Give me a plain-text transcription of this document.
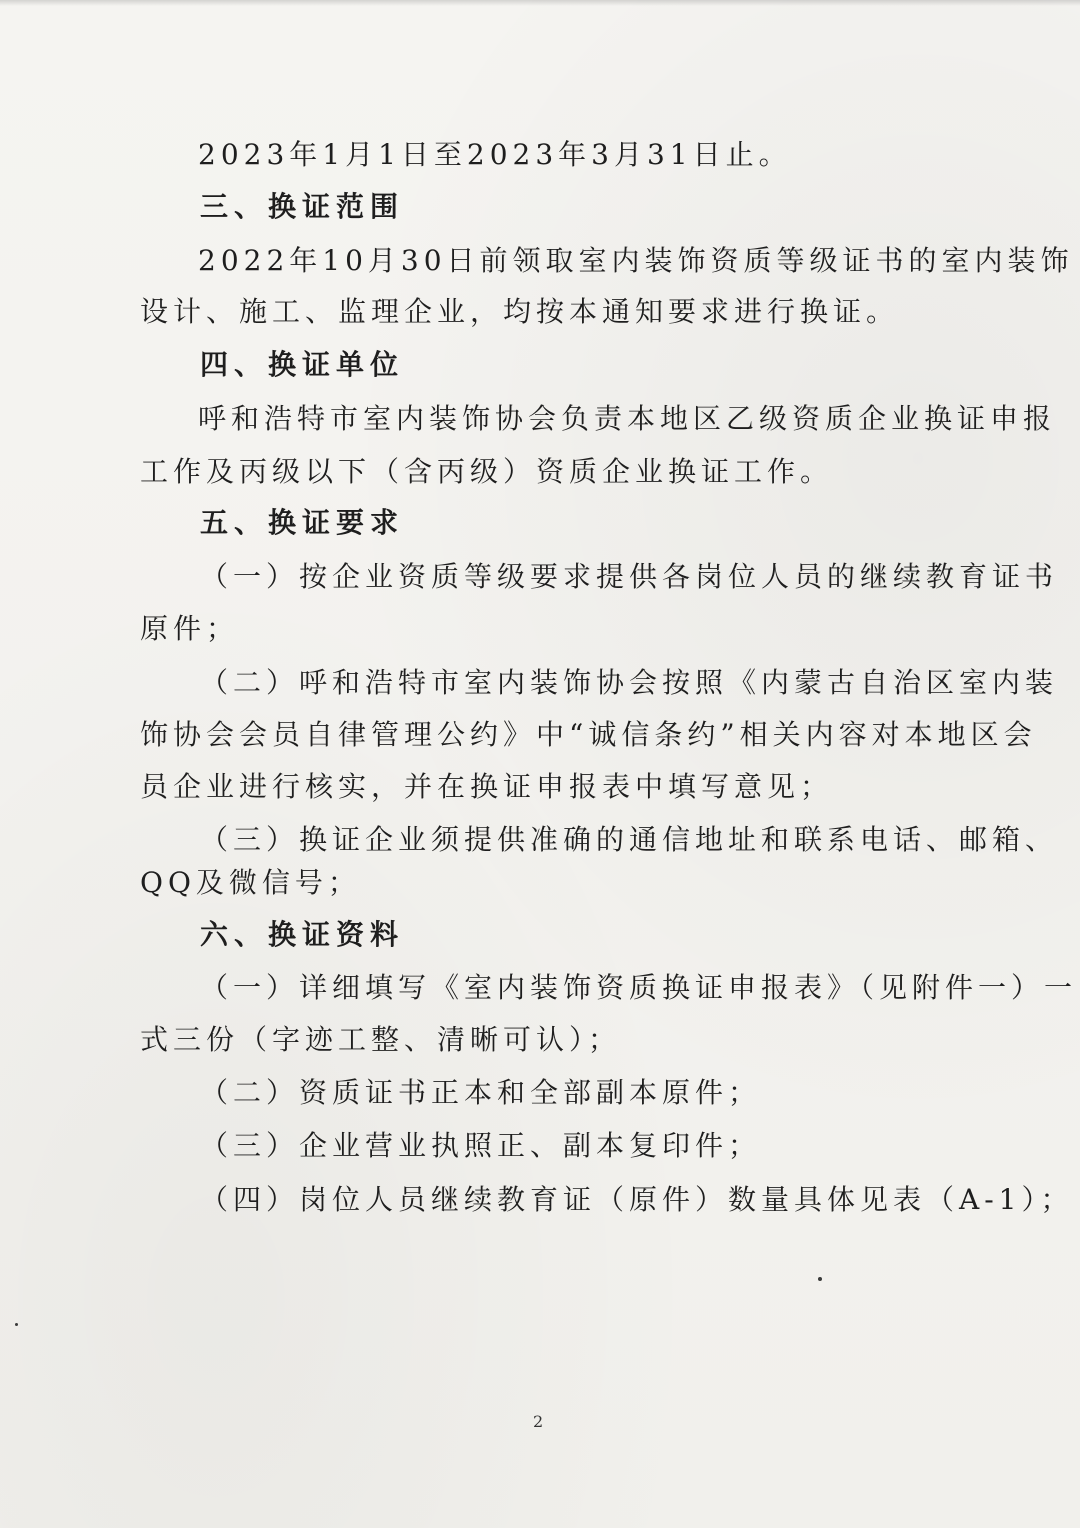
2023年1月1日至2023年3月31日止。
三、换证范围
2022年10月30日前领取室内装饰资质等级证书的室内装饰
设计、施工、监理企业，均按本通知要求进行换证。
四、换证单位
呼和浩特市室内装饰协会负责本地区乙级资质企业换证申报
工作及丙级以下（含丙级）资质企业换证工作。
五、换证要求
（一）按企业资质等级要求提供各岗位人员的继续教育证书
原件；
（二）呼和浩特市室内装饰协会按照《内蒙古自治区室内装
饰协会会员自律管理公约》中“诚信条约”相关内容对本地区会
员企业进行核实，并在换证申报表中填写意见；
（三）换证企业须提供准确的通信地址和联系电话、邮箱、
QQ及微信号；
六、换证资料
（一）详细填写《室内装饰资质换证申报表》（见附件一）一
式三份（字迹工整、清晰可认）；
（二）资质证书正本和全部副本原件；
（三）企业营业执照正、副本复印件；
（四）岗位人员继续教育证（原件）数量具体见表（A-1）；
2
